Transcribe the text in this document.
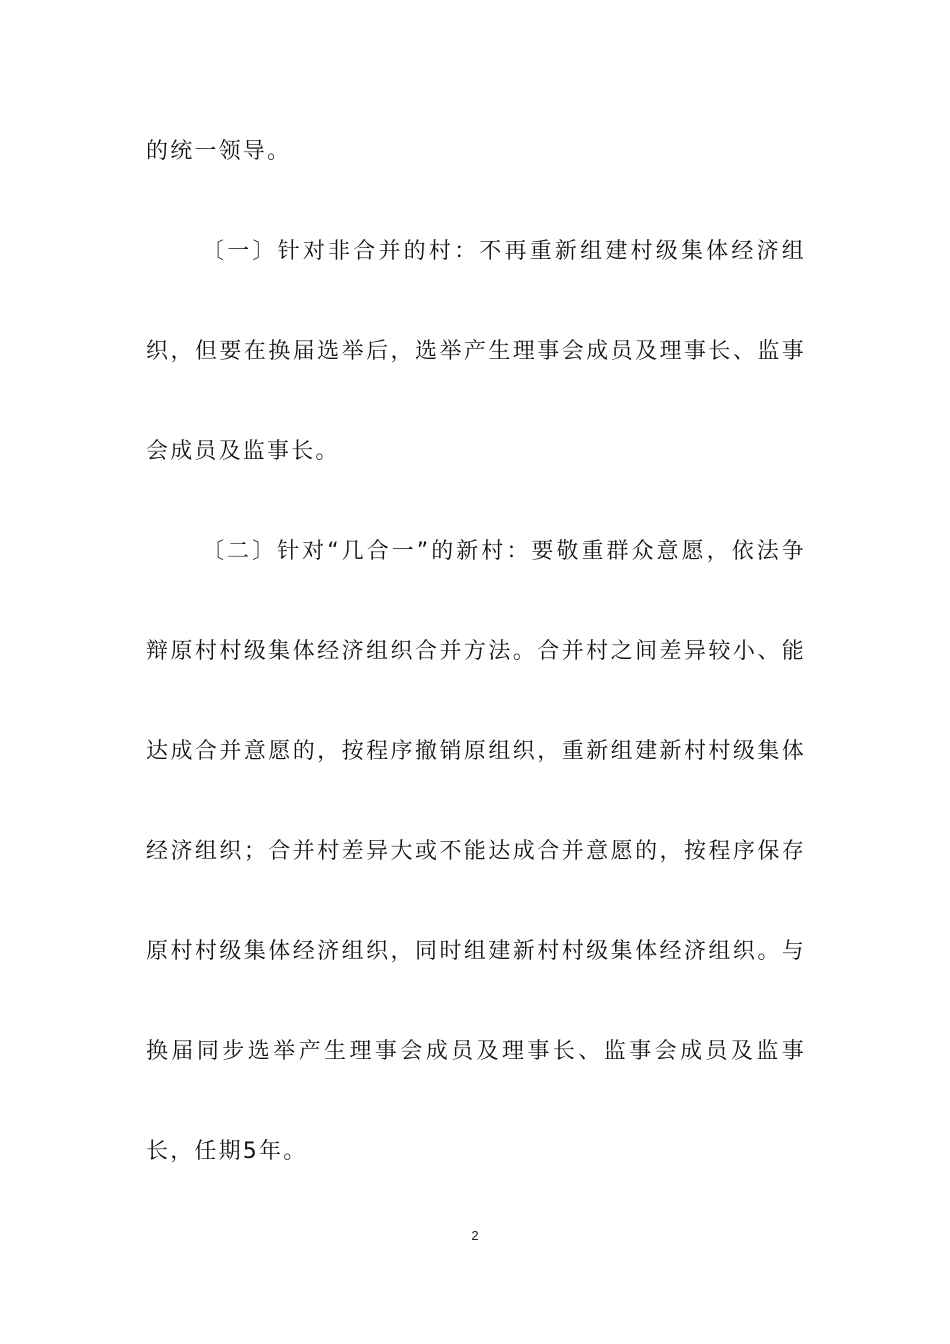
的统一领导。
〔一〕针对非合并的村：不再重新组建村级集体经济组
织，但要在换届选举后，选举产生理事会成员及理事长、监事
会成员及监事长。
〔二〕针对“几合一”的新村：要敬重群众意愿，依法争
辩原村村级集体经济组织合并方法。合并村之间差异较小、能
达成合并意愿的，按程序撤销原组织，重新组建新村村级集体
经济组织；合并村差异大或不能达成合并意愿的，按程序保存
原村村级集体经济组织，同时组建新村村级集体经济组织。与
换届同步选举产生理事会成员及理事长、监事会成员及监事
长，任期5年。
2
